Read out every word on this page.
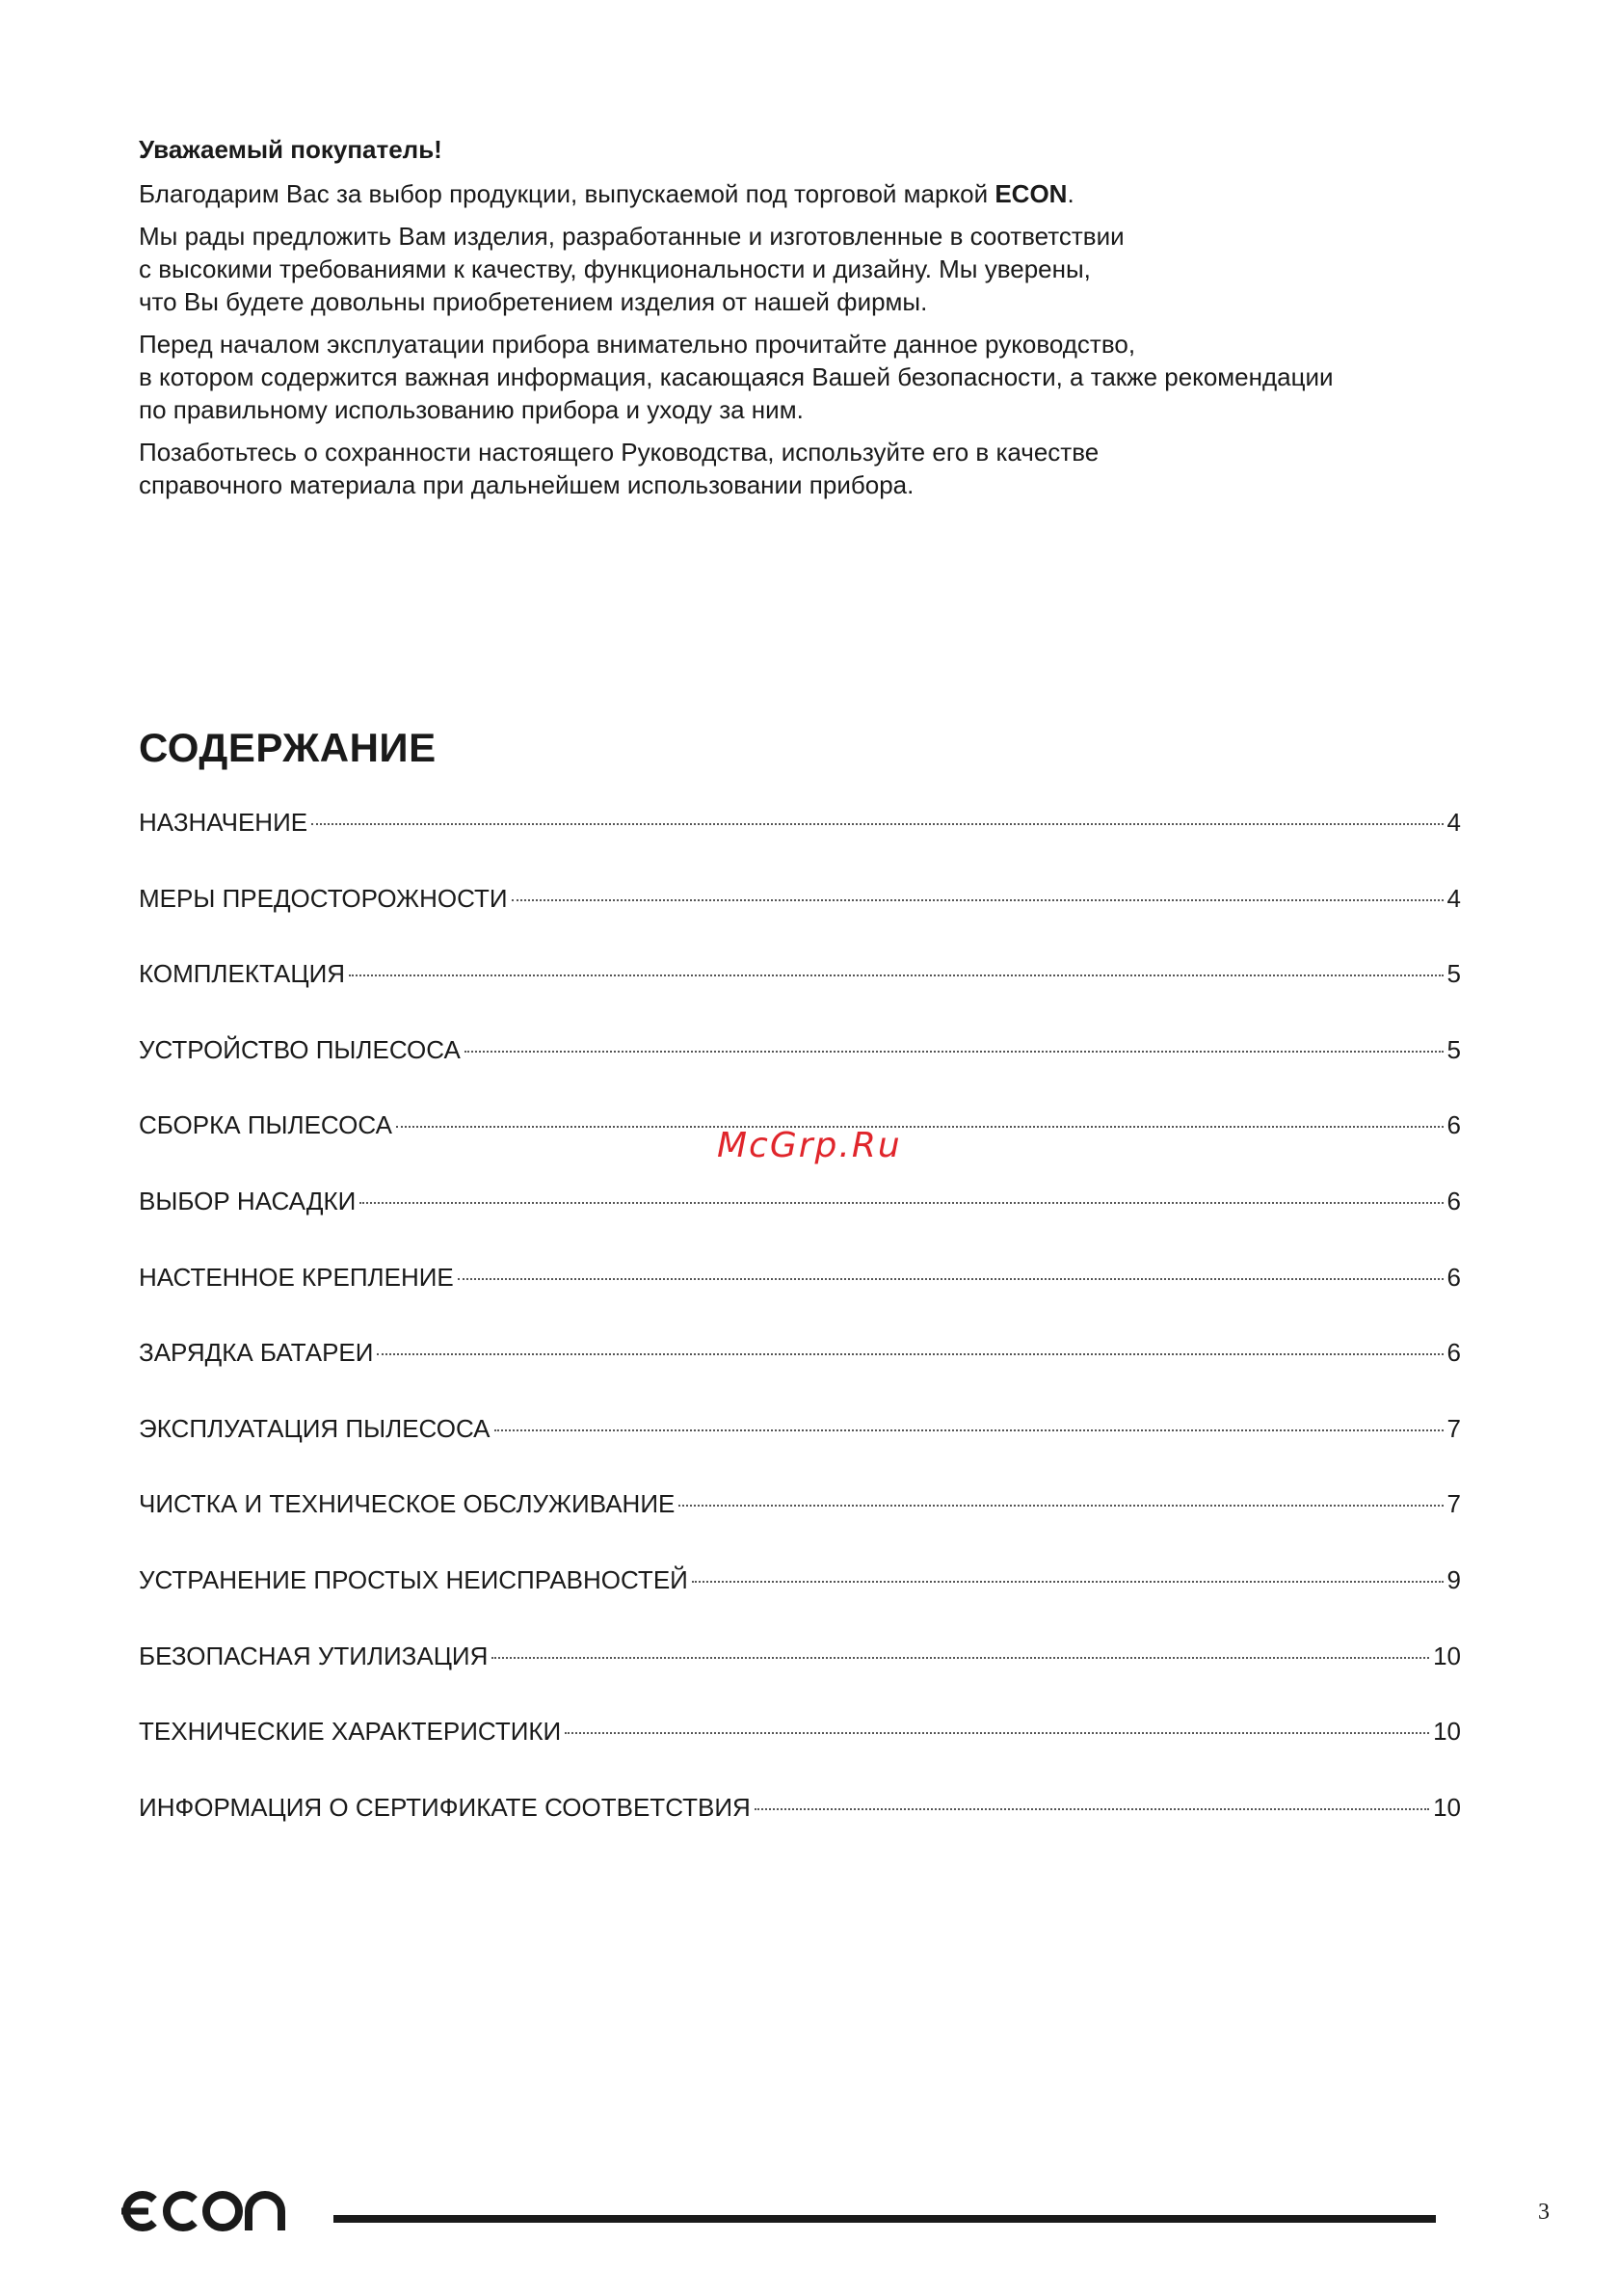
Уважаемый покупатель!

Благодарим Вас за выбор продукции, выпускаемой под торговой маркой ECON.

Мы рады предложить Вам изделия, разработанные и изготовленные в соответствии
с высокими требованиями к качеству, функциональности и дизайну. Мы уверены,
что Вы будете довольны приобретением изделия от нашей фирмы.

Перед началом эксплуатации прибора внимательно прочитайте данное руководство,
в котором содержится важная информация, касающаяся Вашей безопасности, а также рекомендации
по правильному использованию прибора и уходу за ним.

Позаботьтесь о сохранности настоящего Руководства, используйте его в качестве
справочного материала при дальнейшем использовании прибора.

СОДЕРЖАНИЕ
НАЗНАЧЕНИЕ	4
МЕРЫ ПРЕДОСТОРОЖНОСТИ	4
КОМПЛЕКТАЦИЯ	5
УСТРОЙСТВО ПЫЛЕСОСА	5
СБОРКА ПЫЛЕСОСА	6
ВЫБОР НАСАДКИ	6
НАСТЕННОЕ КРЕПЛЕНИЕ	6
ЗАРЯДКА БАТАРЕИ	6
ЭКСПЛУАТАЦИЯ ПЫЛЕСОСА	7
ЧИСТКА И ТЕХНИЧЕСКОЕ ОБСЛУЖИВАНИЕ	7
УСТРАНЕНИЕ ПРОСТЫХ НЕИСПРАВНОСТЕЙ	9
БЕЗОПАСНАЯ УТИЛИЗАЦИЯ	10
ТЕХНИЧЕСКИЕ ХАРАКТЕРИСТИКИ	10
ИНФОРМАЦИЯ О СЕРТИФИКАТЕ СООТВЕТСТВИЯ	10
McGrp.Ru
3
